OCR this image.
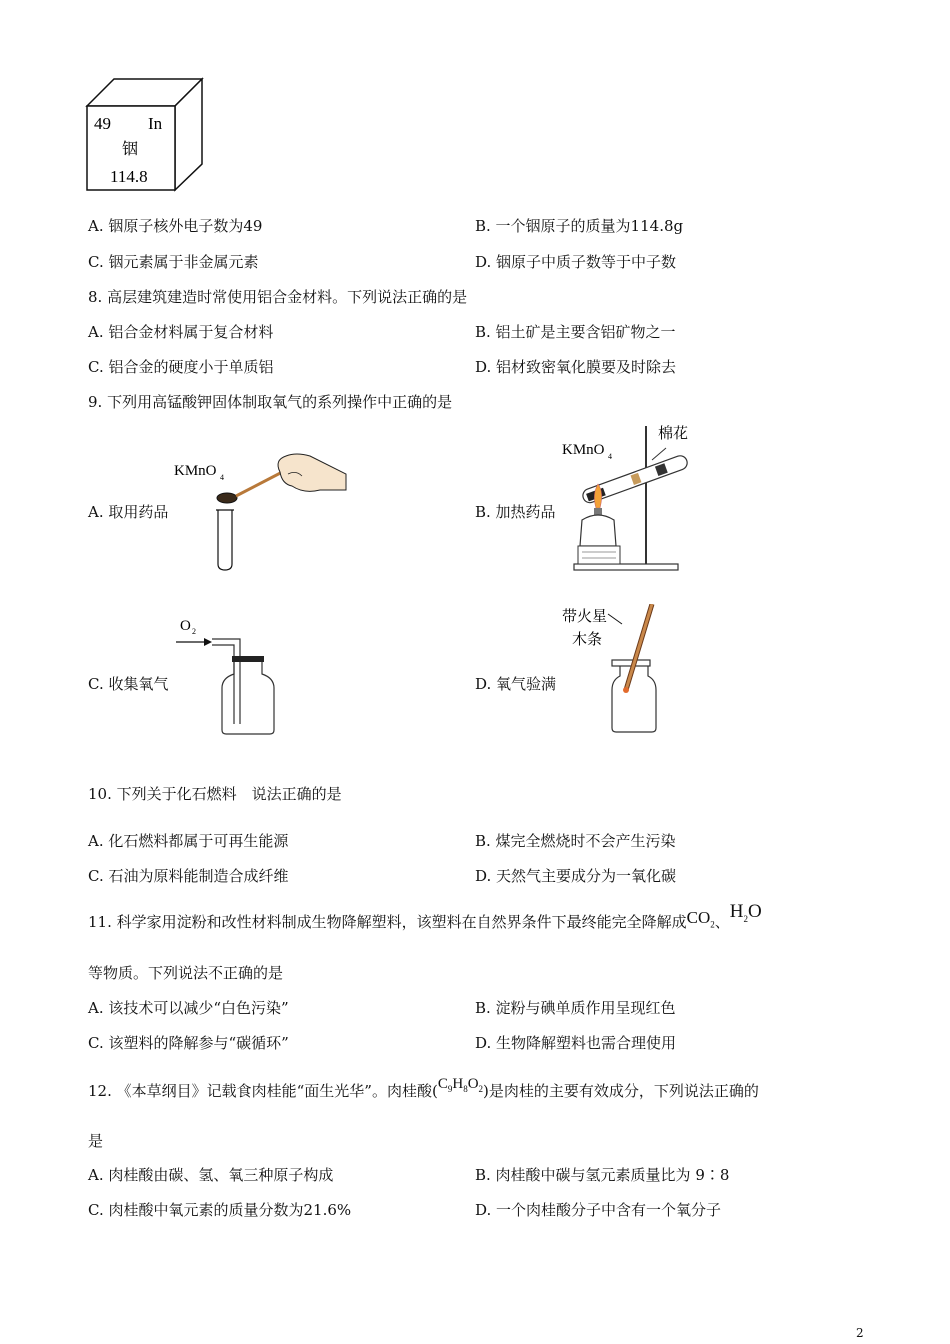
49 In
铟
114.8
A. 铟原子核外电子数为49	B. 一个铟原子的质量为114.8g
C. 铟元素属于非金属元素	D. 铟原子中质子数等于中子数
8. 高层建筑建造时常使用铝合金材料。下列说法正确的是
A. 铝合金材料属于复合材料	B. 铝土矿是主要含铝矿物之一
C. 铝合金的硬度小于单质铝	D. 铝材致密氧化膜要及时除去
9. 下列用高锰酸钾固体制取氧气的系列操作中正确的是
A. 取用药品	B. 加热药品
C. 收集氧气	D. 氧气验满
KMnO 4
KMnO 4
棉花
O 2
带火星
木条
10. 下列关于化石燃料　说法正确的是
A. 化石燃料都属于可再生能源	B. 煤完全燃烧时不会产生污染
C. 石油为原料能制造合成纤维	D. 天然气主要成分为一氧化碳
11. 科学家用淀粉和改性材料制成生物降解塑料，该塑料在自然界条件下最终能完全降解成$CO_2$、$H_2O$
等物质。下列说法不正确的是
A. 该技术可以减少“白色污染”	B. 淀粉与碘单质作用呈现红色
C. 该塑料的降解参与“碳循环”	D. 生物降解塑料也需合理使用
12. 《本草纲目》记载食肉桂能“面生光华”。肉桂酸$(C_9H_8O_2)$是肉桂的主要有效成分，下列说法正确的
是
A. 肉桂酸由碳、氢、氧三种原子构成	B. 肉桂酸中碳与氢元素质量比为 9∶8
C. 肉桂酸中氧元素的质量分数为21.6%	D. 一个肉桂酸分子中含有一个氧分子
2
